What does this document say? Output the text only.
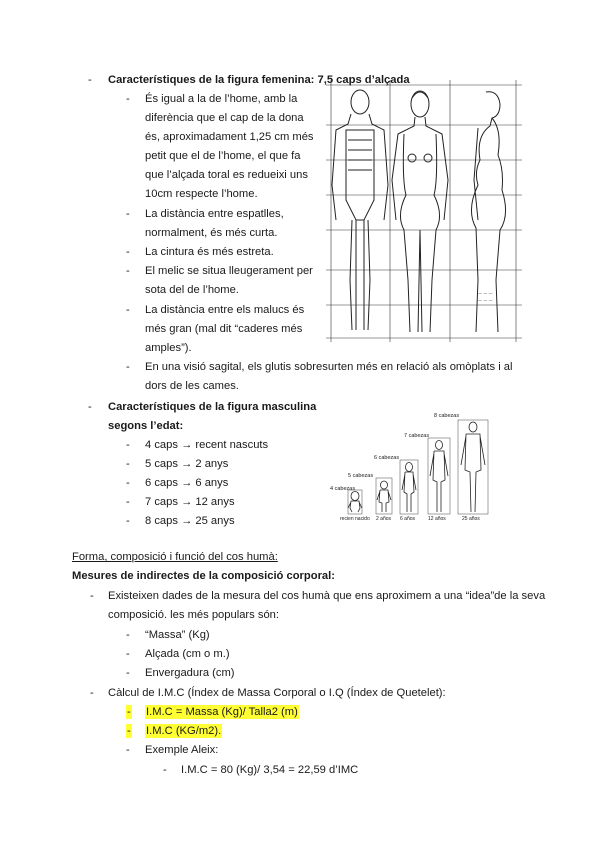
- Característiques de la figura femenina: 7,5 caps d’alçada
- És igual a la de l’home, amb la
diferència que el cap de la dona
és, aproximadament 1,25 cm més
petit que el de l’home, el que fa
que l’alçada toral es redueixi uns
10cm respecte l’home.
- La distància entre espatlles,
normalment, és més curta.
- La cintura és més estreta.
- El melic se situa lleugerament per
sota del de l’home.
- La distància entre els malucs és
més gran (mal dit “caderes més
amples”).
- En una visió sagital, els glutis sobresurten més en relació als omòplats i al
dors de les cames.
— — —
— — —
- Característiques de la figura masculina
segons l’edat:
- 4 caps → recent nascuts
- 5 caps → 2 anys
- 6 caps → 6 anys
- 7 caps → 12 anys
- 8 caps → 25 anys
8 cabezas
7 cabezas
6 cabezas
5 cabezas
4 cabezas
recien nacido 2 años 6 años	12 años	25 años
Forma, composició i funció del cos humà:
Mesures de indirectes de la composició corporal:
- Existeixen dades de la mesura del cos humà que ens aproximem a una “idea”de la seva
composició. les més populars són:
- “Massa” (Kg)
- Alçada (cm o m.)
- Envergadura (cm)
- Càlcul de I.M.C (Índex de Massa Corporal o I.Q (Índex de Quetelet):
- I.M.C = Massa (Kg)/ Talla2 (m)
- I.M.C (KG/m2).
- Exemple Aleix:
- I.M.C = 80 (Kg)/ 3,54 = 22,59 d’IMC
